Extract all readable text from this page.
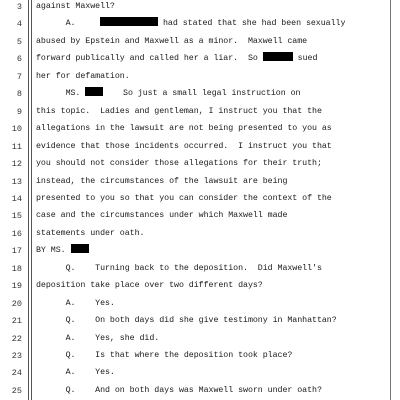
3 against Maxwell?
4 A.	had stated that she had been sexually
5 abused by Epstein and Maxwell as a minor.  Maxwell came
6 forward publically and called her a liar.  So	sued
7 her for defamation.
8 MS.     So just a small legal instruction on
9 this topic.  Ladies and gentleman, I instruct you that the
10 allegations in the lawsuit are not being presented to you as
11 evidence that those incidents occurred.  I instruct you that
12 you should not consider those allegations for their truth;
13 instead, the circumstances of the lawsuit are being
14 presented to you so that you can consider the context of the
15 case and the circumstances under which Maxwell made
16 statements under oath.
17 BY MS.
18 Q.    Turning back to the deposition.  Did Maxwell's
19 deposition take place over two different days?
20 A.    Yes.
21 Q.    On both days did she give testimony in Manhattan?
22 A.    Yes, she did.
23 Q.    Is that where the deposition took place?
24 A.    Yes.
25 Q.    And on both days was Maxwell sworn under oath?
